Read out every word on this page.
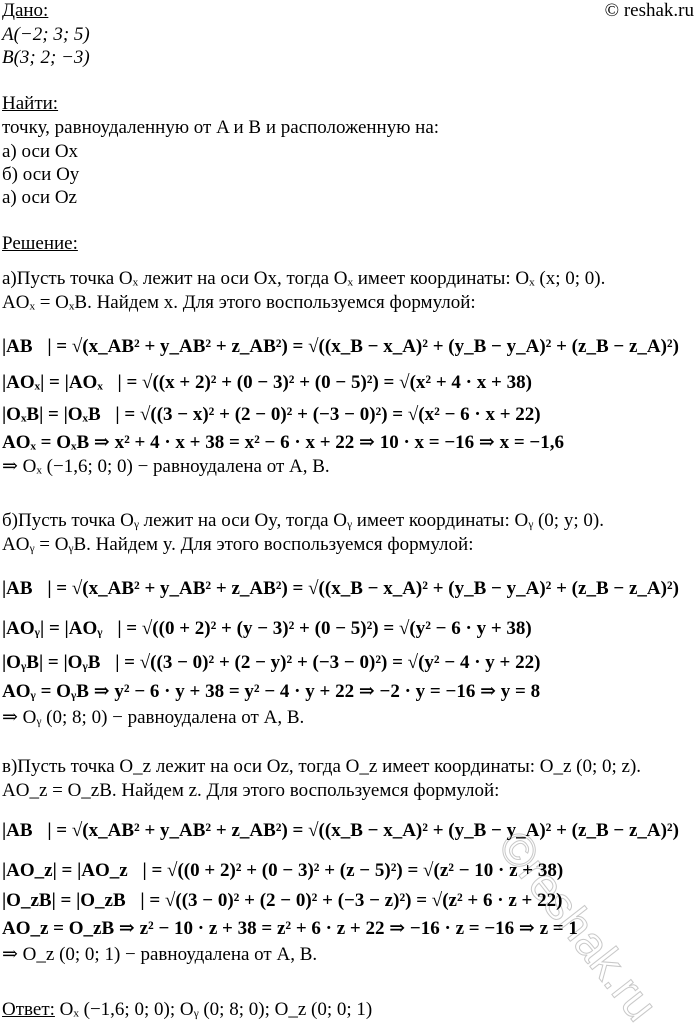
© reshak.ru
©reshak.ru
Дано:
A(−2; 3; 5)
B(3; 2; −3)
Найти:
точку, равноудаленную от A и B и расположенную на:
а) оси Ox
б) оси Oy
а) оси Oz
Решение:
а)Пусть точка Oₓ лежит на оси Ox, тогда Oₓ имеет координаты: Oₓ (x; 0; 0).
AOₓ = OₓB. Найдем x. Для этого воспользуемся формулой:
|AB⃗| = √(x_AB² + y_AB² + z_AB²) = √((x_B − x_A)² + (y_B − y_A)² + (z_B − z_A)²)
|AOₓ| = |AOₓ⃗| = √((x + 2)² + (0 − 3)² + (0 − 5)²) = √(x² + 4 · x + 38)
|OₓB| = |OₓB⃗| = √((3 − x)² + (2 − 0)² + (−3 − 0)²) = √(x² − 6 · x + 22)
AOₓ = OₓB ⇒ x² + 4 · x + 38 = x² − 6 · x + 22 ⇒ 10 · x = −16 ⇒ x = −1,6
⇒ Oₓ (−1,6; 0; 0) − равноудалена от A, B.
б)Пусть точка Oᵧ лежит на оси Oy, тогда Oᵧ имеет координаты: Oᵧ (0; y; 0).
AOᵧ = OᵧB. Найдем y. Для этого воспользуемся формулой:
|AB⃗| = √(x_AB² + y_AB² + z_AB²) = √((x_B − x_A)² + (y_B − y_A)² + (z_B − z_A)²)
|AOᵧ| = |AOᵧ⃗| = √((0 + 2)² + (y − 3)² + (0 − 5)²) = √(y² − 6 · y + 38)
|OᵧB| = |OᵧB⃗| = √((3 − 0)² + (2 − y)² + (−3 − 0)²) = √(y² − 4 · y + 22)
AOᵧ = OᵧB ⇒ y² − 6 · y + 38 = y² − 4 · y + 22 ⇒ −2 · y = −16 ⇒ y = 8
⇒ Oᵧ (0; 8; 0) − равноудалена от A, B.
в)Пусть точка O_z лежит на оси Oz, тогда O_z имеет координаты: O_z (0; 0; z).
AO_z = O_zB. Найдем z. Для этого воспользуемся формулой:
|AB⃗| = √(x_AB² + y_AB² + z_AB²) = √((x_B − x_A)² + (y_B − y_A)² + (z_B − z_A)²)
|AO_z| = |AO_z⃗| = √((0 + 2)² + (0 − 3)² + (z − 5)²) = √(z² − 10 · z + 38)
|O_zB| = |O_zB⃗| = √((3 − 0)² + (2 − 0)² + (−3 − z)²) = √(z² + 6 · z + 22)
AO_z = O_zB ⇒ z² − 10 · z + 38 = z² + 6 · z + 22 ⇒ −16 · z = −16 ⇒ z = 1
⇒ O_z (0; 0; 1) − равноудалена от A, B.
Ответ: Oₓ (−1,6; 0; 0); Oᵧ (0; 8; 0); O_z (0; 0; 1)
